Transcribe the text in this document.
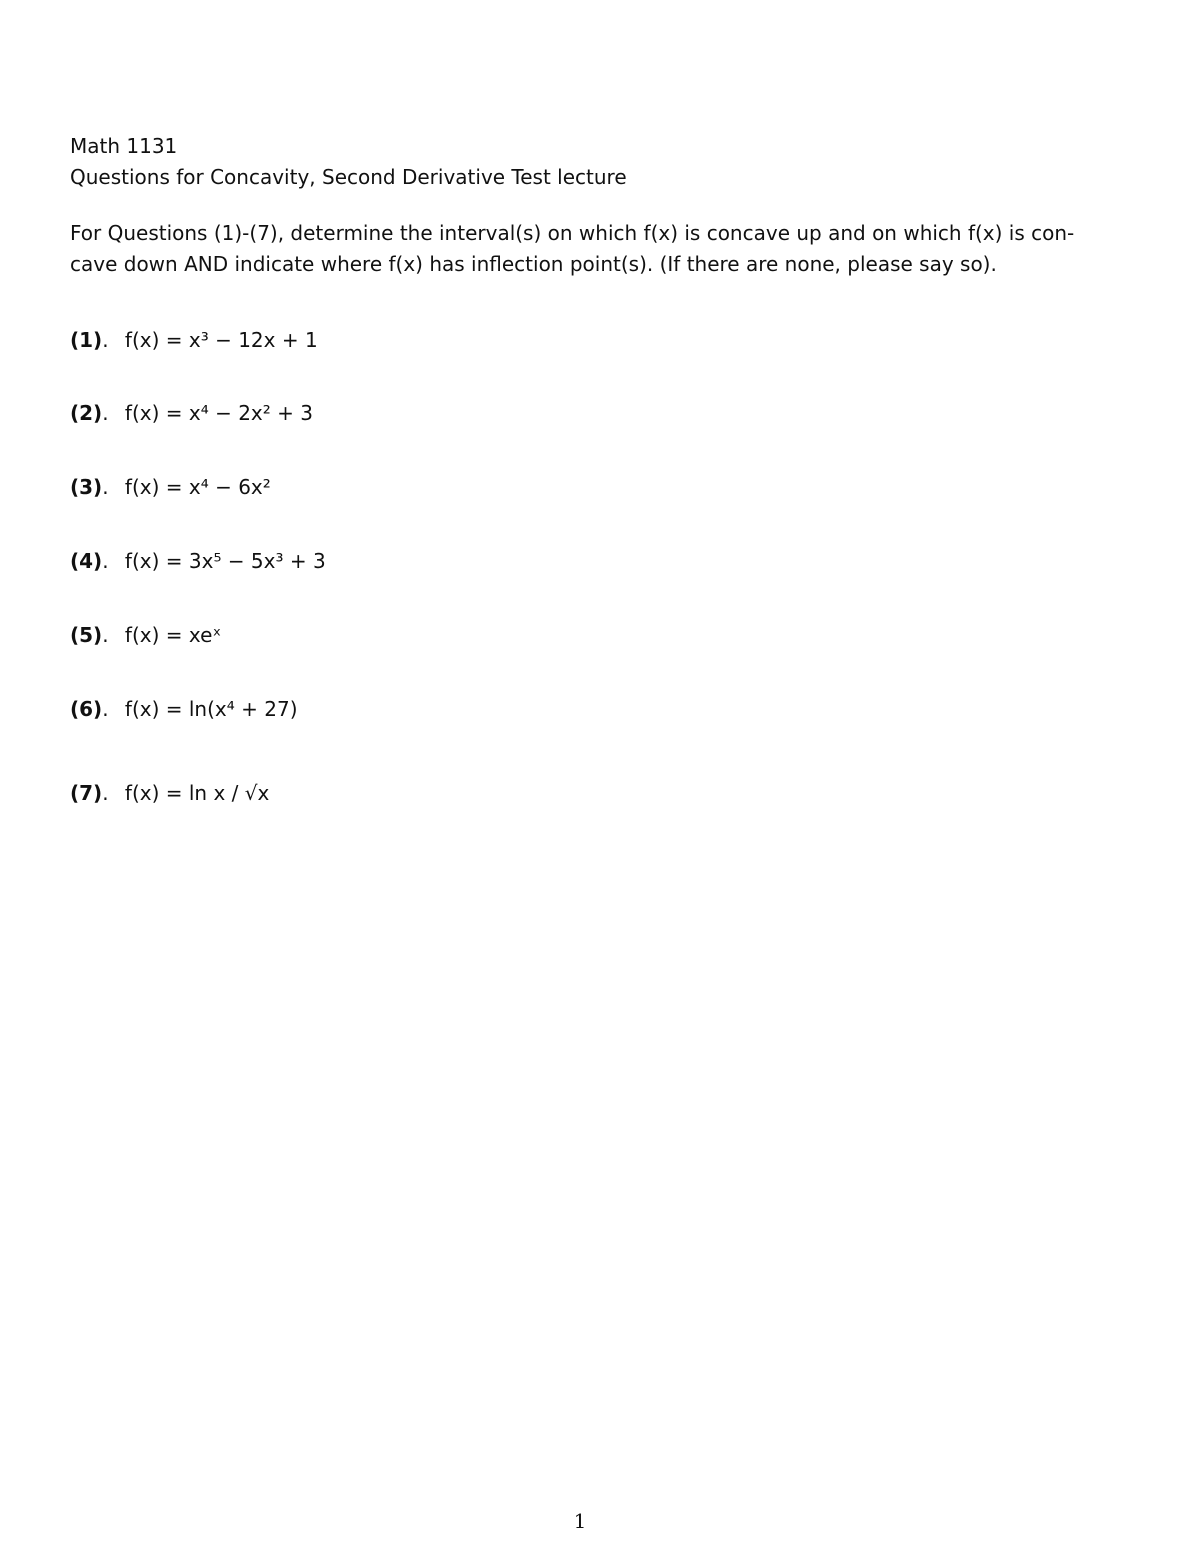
Math 1131
Questions for Concavity, Second Derivative Test lecture
For Questions (1)-(7), determine the interval(s) on which f(x) is concave up and on which f(x) is con-
cave down AND indicate where f(x) has inflection point(s). (If there are none, please say so).
(1). f(x) = x³ − 12x + 1
(2). f(x) = x⁴ − 2x² + 3
(3). f(x) = x⁴ − 6x²
(4). f(x) = 3x⁵ − 5x³ + 3
(5). f(x) = xeˣ
(6). f(x) = ln(x⁴ + 27)
(7). f(x) = ln x / √x
1
